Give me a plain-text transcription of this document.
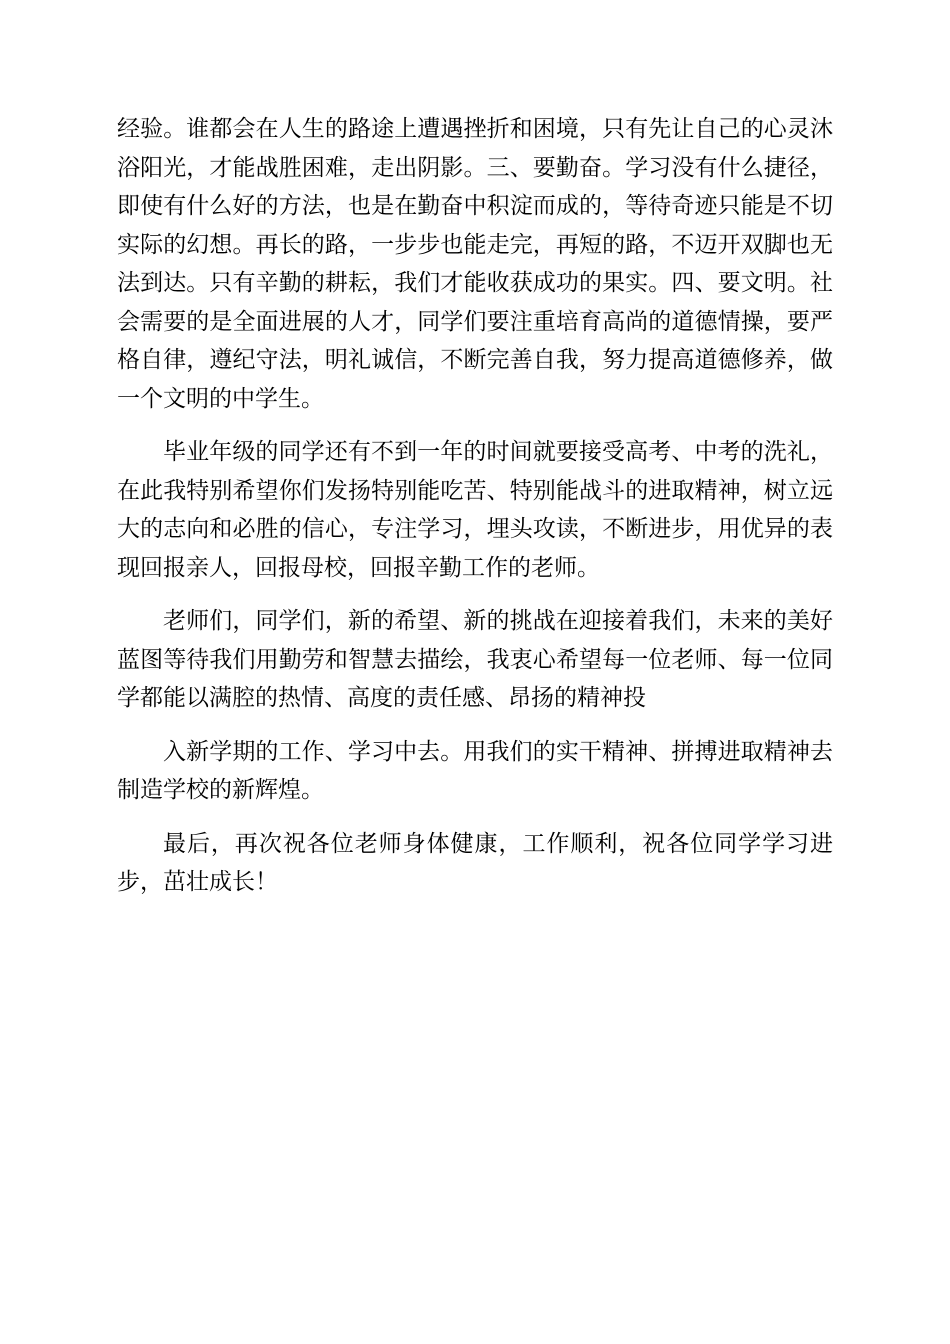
经验。谁都会在人生的路途上遭遇挫折和困境，只有先让自己的心灵沐浴阳光，才能战胜困难，走出阴影。三、要勤奋。学习没有什么捷径，即使有什么好的方法，也是在勤奋中积淀而成的，等待奇迹只能是不切实际的幻想。再长的路，一步步也能走完，再短的路，不迈开双脚也无法到达。只有辛勤的耕耘，我们才能收获成功的果实。四、要文明。社会需要的是全面进展的人才，同学们要注重培育高尚的道德情操，要严格自律，遵纪守法，明礼诚信，不断完善自我，努力提高道德修养，做一个文明的中学生。

毕业年级的同学还有不到一年的时间就要接受高考、中考的洗礼，在此我特别希望你们发扬特别能吃苦、特别能战斗的进取精神，树立远大的志向和必胜的信心，专注学习，埋头攻读，不断进步，用优异的表现回报亲人，回报母校，回报辛勤工作的老师。

老师们，同学们，新的希望、新的挑战在迎接着我们，未来的美好蓝图等待我们用勤劳和智慧去描绘，我衷心希望每一位老师、每一位同学都能以满腔的热情、高度的责任感、昂扬的精神投

入新学期的工作、学习中去。用我们的实干精神、拼搏进取精神去制造学校的新辉煌。

最后，再次祝各位老师身体健康，工作顺利，祝各位同学学习进步，茁壮成长！
